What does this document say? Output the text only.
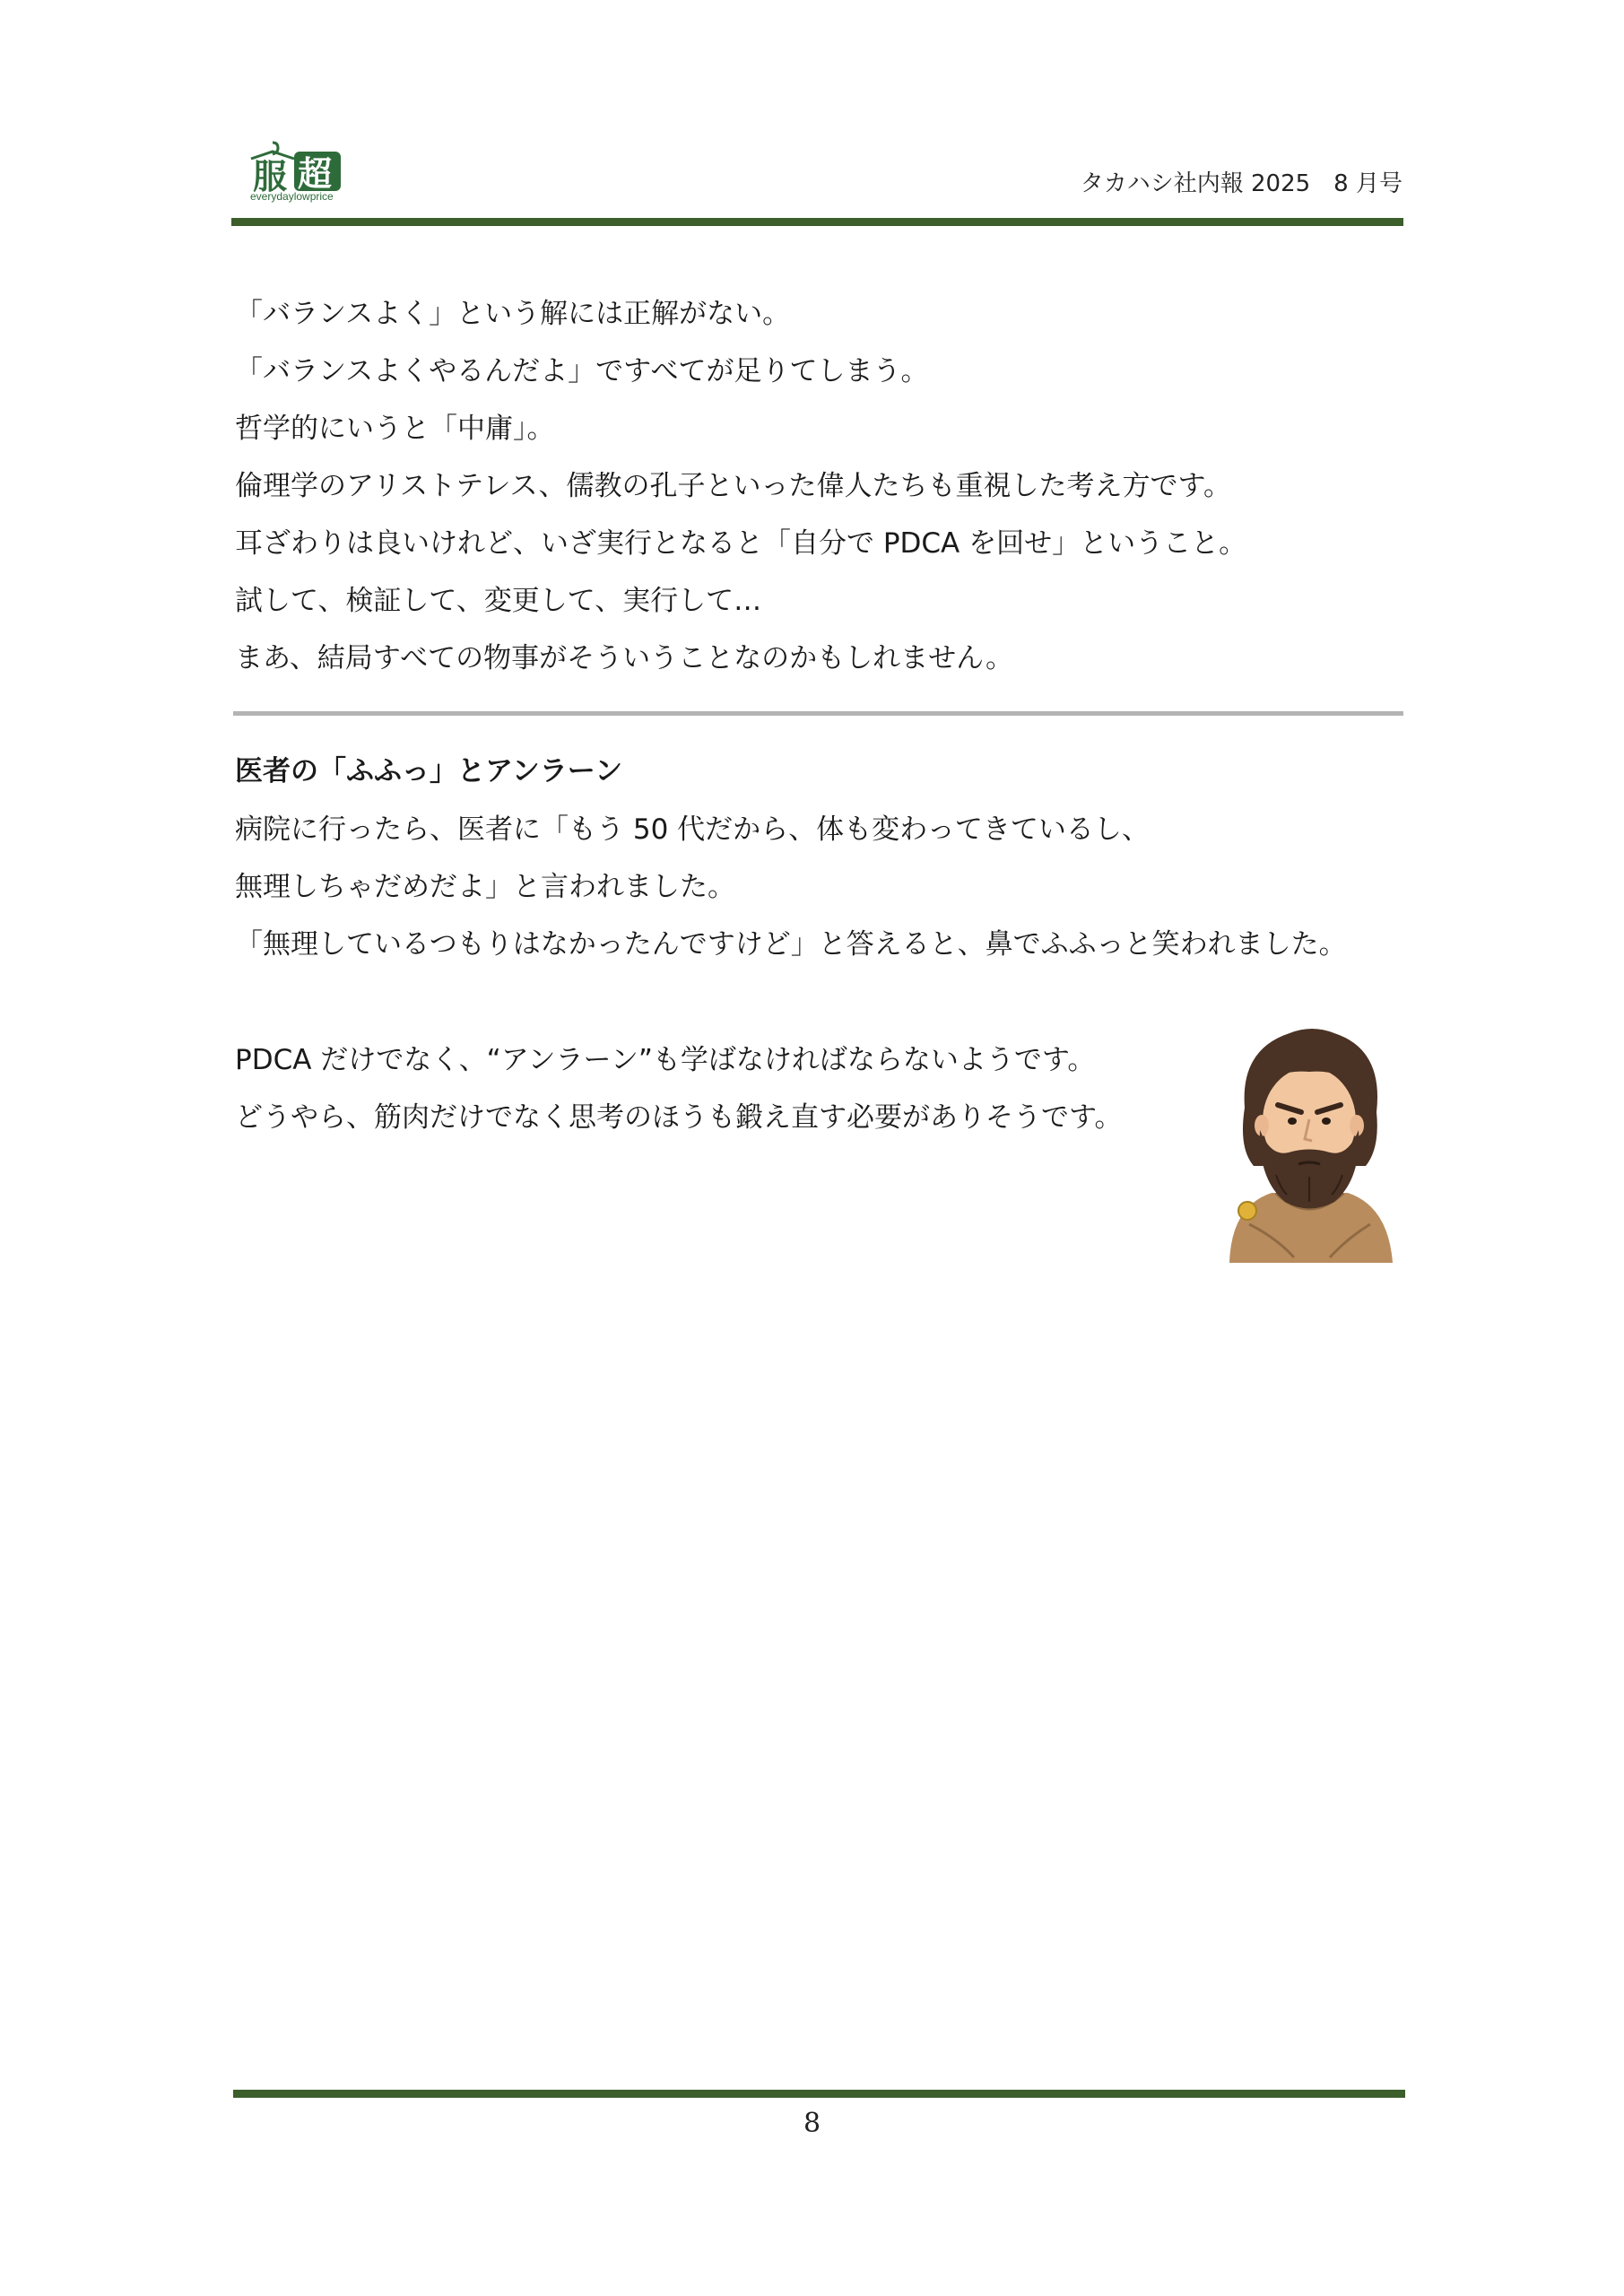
服 超
everydaylowprice	タカハシ社内報 2025　8 月号
「バランスよく」という解には正解がない。
「バランスよくやるんだよ」ですべてが足りてしまう。
哲学的にいうと「中庸」。
倫理学のアリストテレス、儒教の孔子といった偉人たちも重視した考え方です。
耳ざわりは良いけれど、いざ実行となると「自分で PDCA を回せ」ということ。
試して、検証して、変更して、実行して…
まあ、結局すべての物事がそういうことなのかもしれません。
医者の「ふふっ」とアンラーン
病院に行ったら、医者に「もう 50 代だから、体も変わってきているし、
無理しちゃだめだよ」と言われました。
「無理しているつもりはなかったんですけど」と答えると、鼻でふふっと笑われました。
PDCA だけでなく、“アンラーン”も学ばなければならないようです。
どうやら、筋肉だけでなく思考のほうも鍛え直す必要がありそうです。
8
